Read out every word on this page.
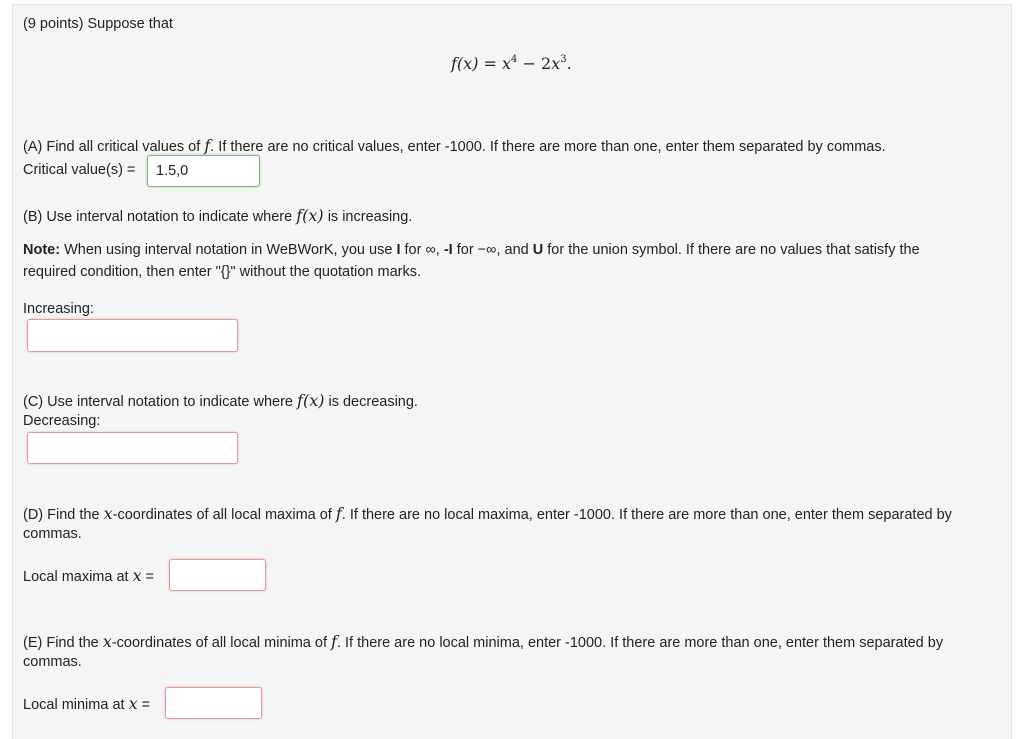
(9 points) Suppose that
$f(x) = x^4 - 2x^3$.
(A) Find all critical values of f. If there are no critical values, enter -1000. If there are more than one, enter them separated by commas.
Critical value(s) =
1.5,0
(B) Use interval notation to indicate where f(x) is increasing.
Note: When using interval notation in WeBWorK, you use I for ∞, -I for −∞, and U for the union symbol. If there are no values that satisfy the
required condition, then enter "{}" without the quotation marks.
Increasing:
(C) Use interval notation to indicate where f(x) is decreasing.
Decreasing:
(D) Find the x-coordinates of all local maxima of f. If there are no local maxima, enter -1000. If there are more than one, enter them separated by
commas.
Local maxima at x =
(E) Find the x-coordinates of all local minima of f. If there are no local minima, enter -1000. If there are more than one, enter them separated by
commas.
Local minima at x =
